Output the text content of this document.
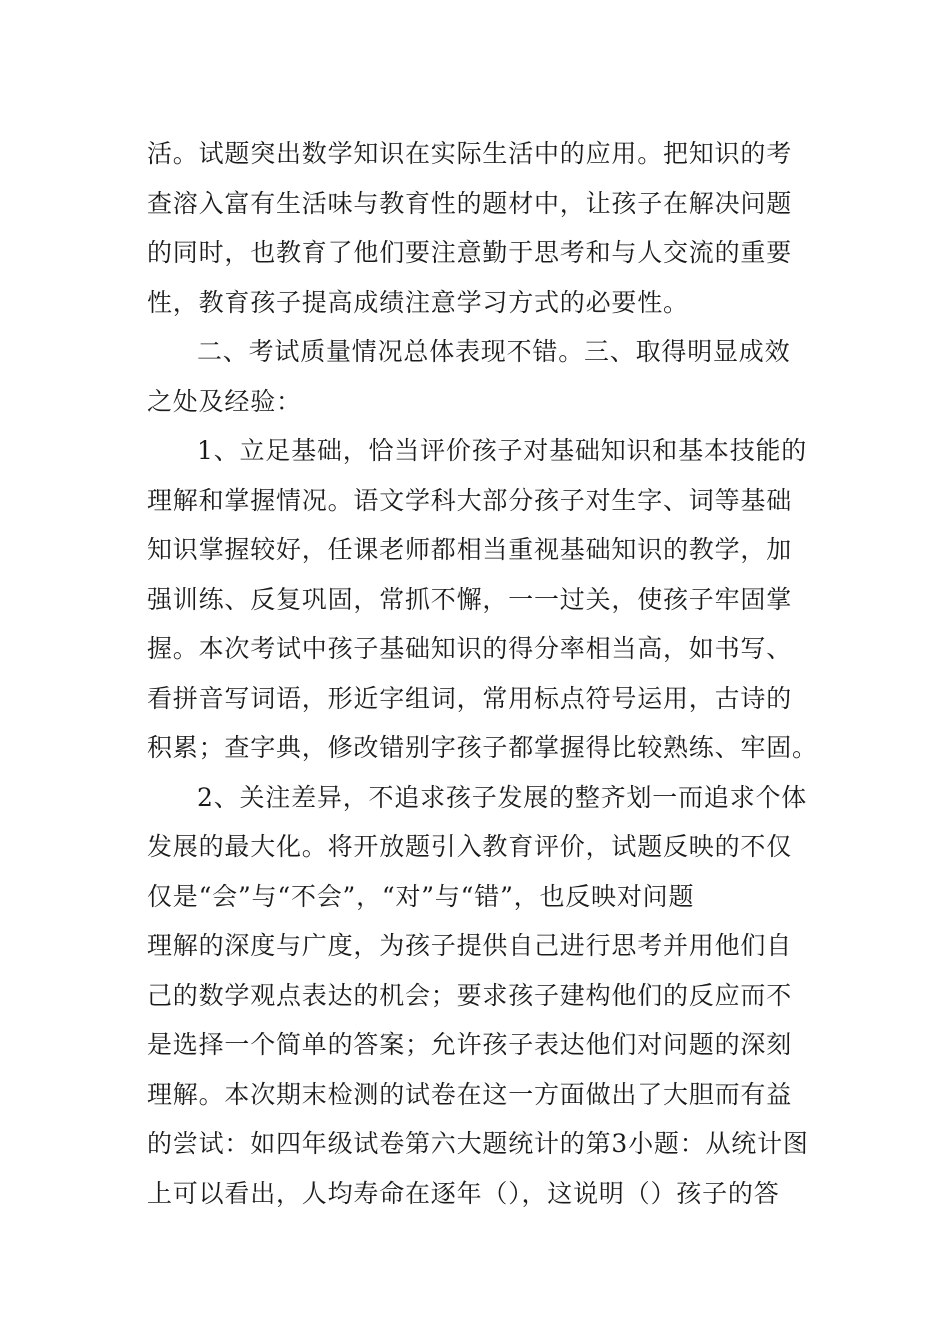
活。试题突出数学知识在实际生活中的应用。把知识的考
查溶入富有生活味与教育性的题材中，让孩子在解决问题
的同时，也教育了他们要注意勤于思考和与人交流的重要
性，教育孩子提高成绩注意学习方式的必要性。
二、考试质量情况总体表现不错。三、取得明显成效
之处及经验：
1、立足基础，恰当评价孩子对基础知识和基本技能的
理解和掌握情况。语文学科大部分孩子对生字、词等基础
知识掌握较好，任课老师都相当重视基础知识的教学，加
强训练、反复巩固，常抓不懈，一一过关，使孩子牢固掌
握。本次考试中孩子基础知识的得分率相当高，如书写、
看拼音写词语，形近字组词，常用标点符号运用，古诗的
积累；查字典，修改错别字孩子都掌握得比较熟练、牢固。
2、关注差异，不追求孩子发展的整齐划一而追求个体
发展的最大化。将开放题引入教育评价，试题反映的不仅
仅是“会”与“不会”，“对”与“错”，也反映对问题
理解的深度与广度，为孩子提供自己进行思考并用他们自
己的数学观点表达的机会；要求孩子建构他们的反应而不
是选择一个简单的答案；允许孩子表达他们对问题的深刻
理解。本次期末检测的试卷在这一方面做出了大胆而有益
的尝试：如四年级试卷第六大题统计的第3小题：从统计图
上可以看出，人均寿命在逐年（），这说明（）孩子的答
